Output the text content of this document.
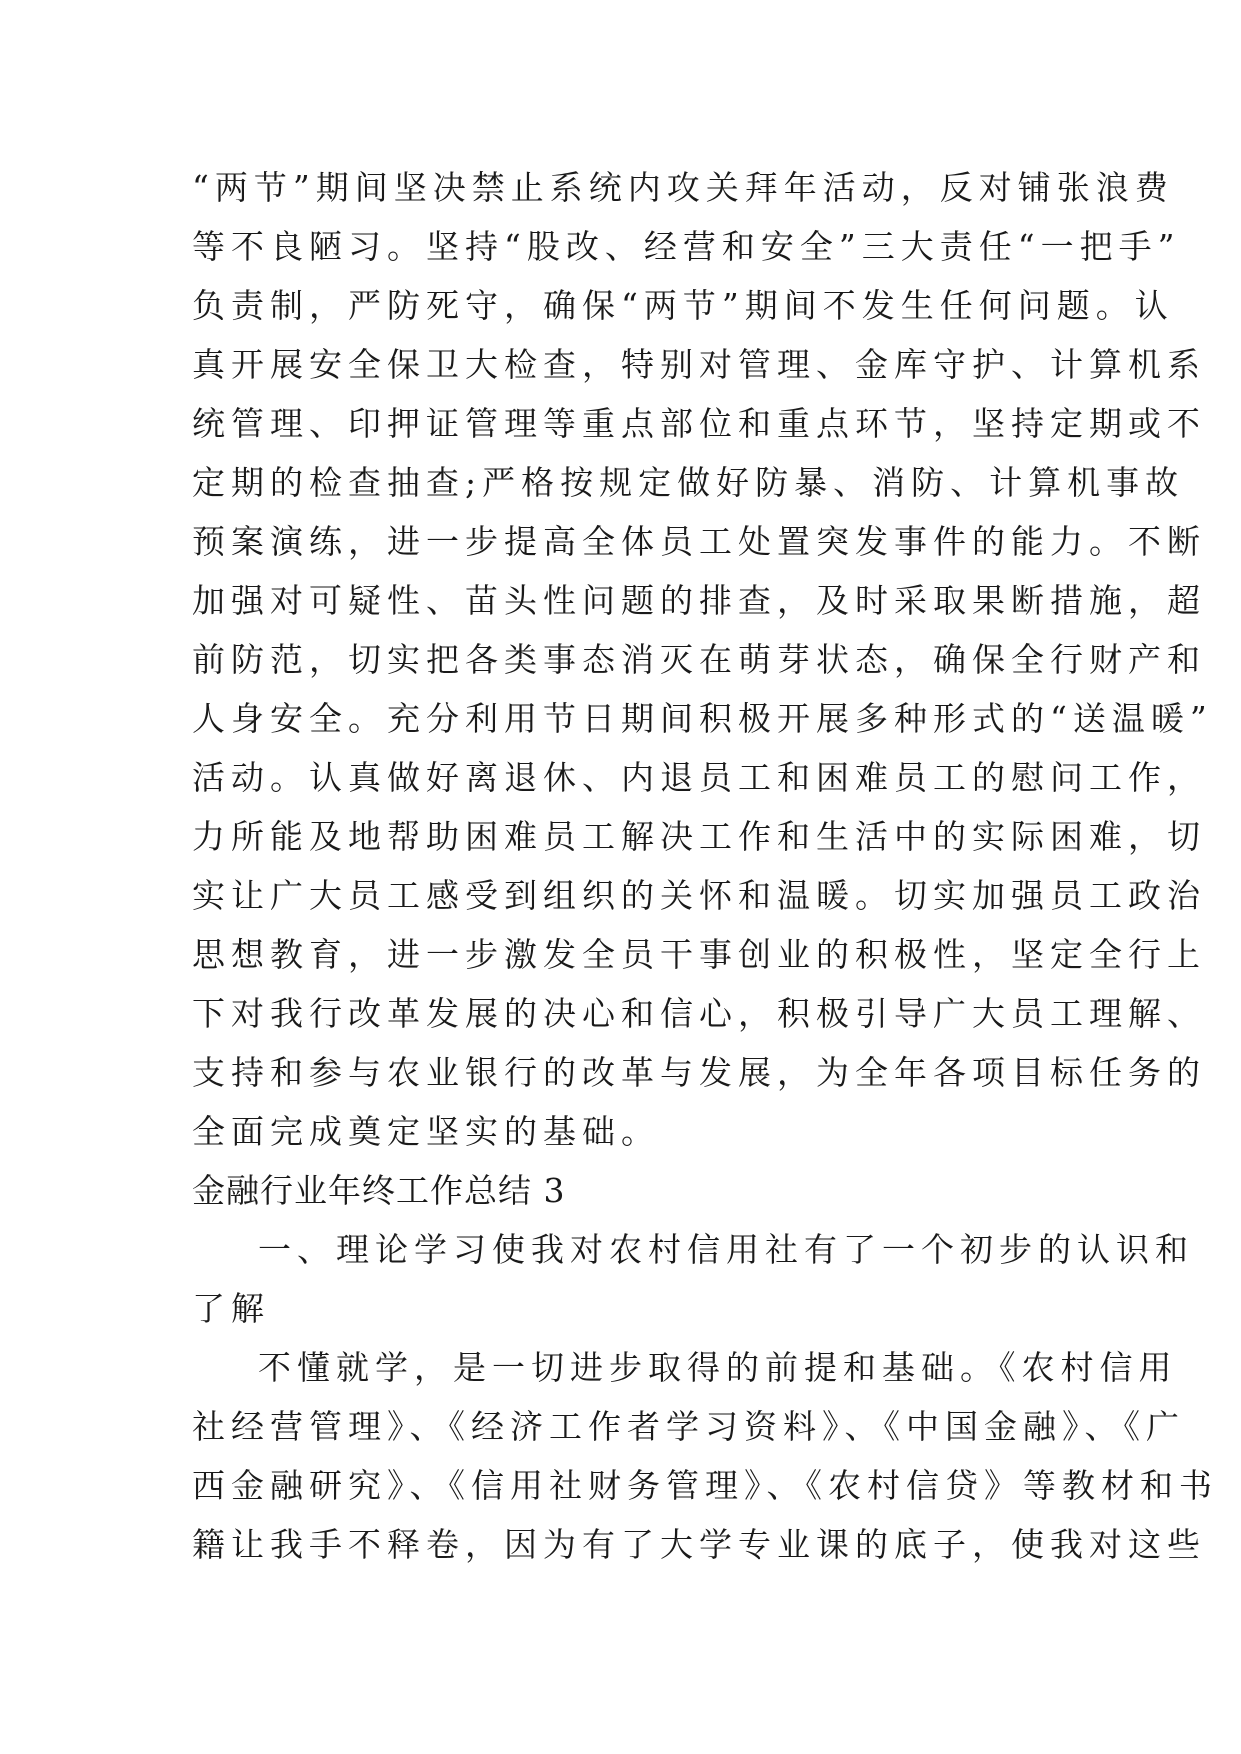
“两节”期间坚决禁止系统内攻关拜年活动，反对铺张浪费
等不良陋习。坚持“股改、经营和安全”三大责任“一把手”
负责制，严防死守，确保“两节”期间不发生任何问题。认
真开展安全保卫大检查，特别对管理、金库守护、计算机系
统管理、印押证管理等重点部位和重点环节，坚持定期或不
定期的检查抽查;严格按规定做好防暴、消防、计算机事故
预案演练，进一步提高全体员工处置突发事件的能力。不断
加强对可疑性、苗头性问题的排查，及时采取果断措施，超
前防范，切实把各类事态消灭在萌芽状态，确保全行财产和
人身安全。充分利用节日期间积极开展多种形式的“送温暖”
活动。认真做好离退休、内退员工和困难员工的慰问工作，
力所能及地帮助困难员工解决工作和生活中的实际困难，切
实让广大员工感受到组织的关怀和温暖。切实加强员工政治
思想教育，进一步激发全员干事创业的积极性，坚定全行上
下对我行改革发展的决心和信心，积极引导广大员工理解、
支持和参与农业银行的改革与发展，为全年各项目标任务的
全面完成奠定坚实的基础。
金融行业年终工作总结 3
一、理论学习使我对农村信用社有了一个初步的认识和
了解
不懂就学，是一切进步取得的前提和基础。《农村信用
社经营管理》、《经济工作者学习资料》、《中国金融》、《广
西金融研究》、《信用社财务管理》、《农村信贷》等教材和书
籍让我手不释卷，因为有了大学专业课的底子，使我对这些
